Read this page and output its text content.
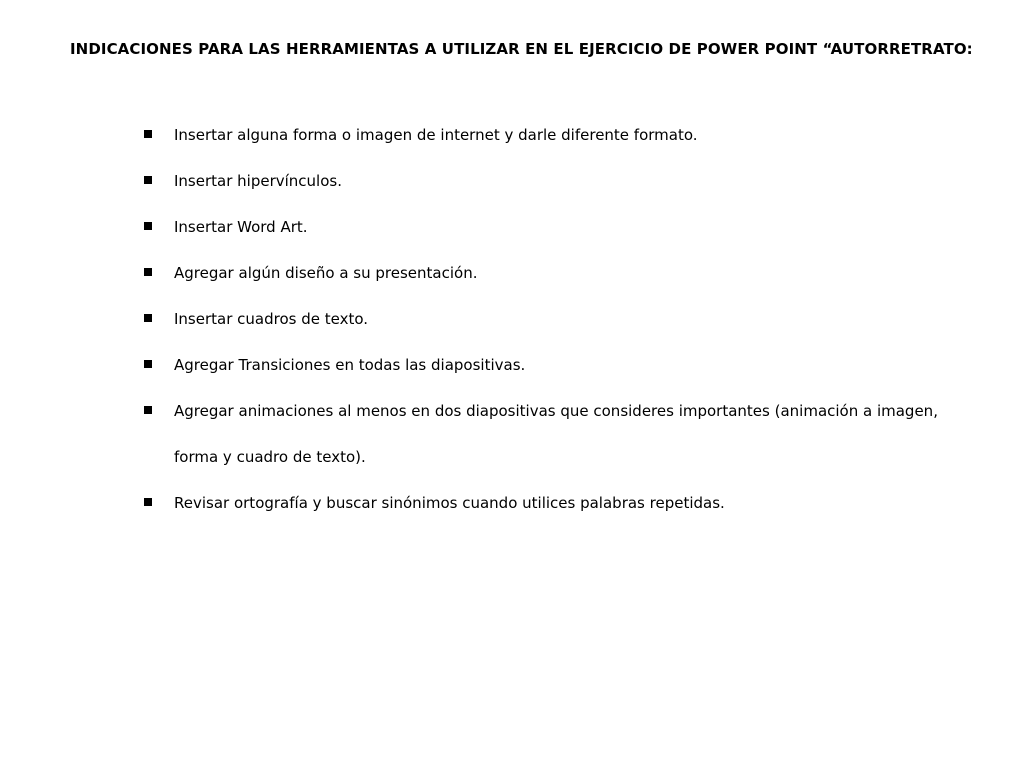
INDICACIONES PARA LAS HERRAMIENTAS A UTILIZAR EN EL EJERCICIO DE POWER POINT “AUTORRETRATO:
Insertar alguna forma o imagen de internet y darle diferente formato.
Insertar hipervínculos.
Insertar Word Art.
Agregar algún diseño a su presentación.
Insertar cuadros de texto.
Agregar Transiciones en todas las diapositivas.
Agregar animaciones al menos en dos diapositivas que consideres importantes (animación a imagen, forma y cuadro de texto).
Revisar ortografía y buscar sinónimos cuando utilices palabras repetidas.
